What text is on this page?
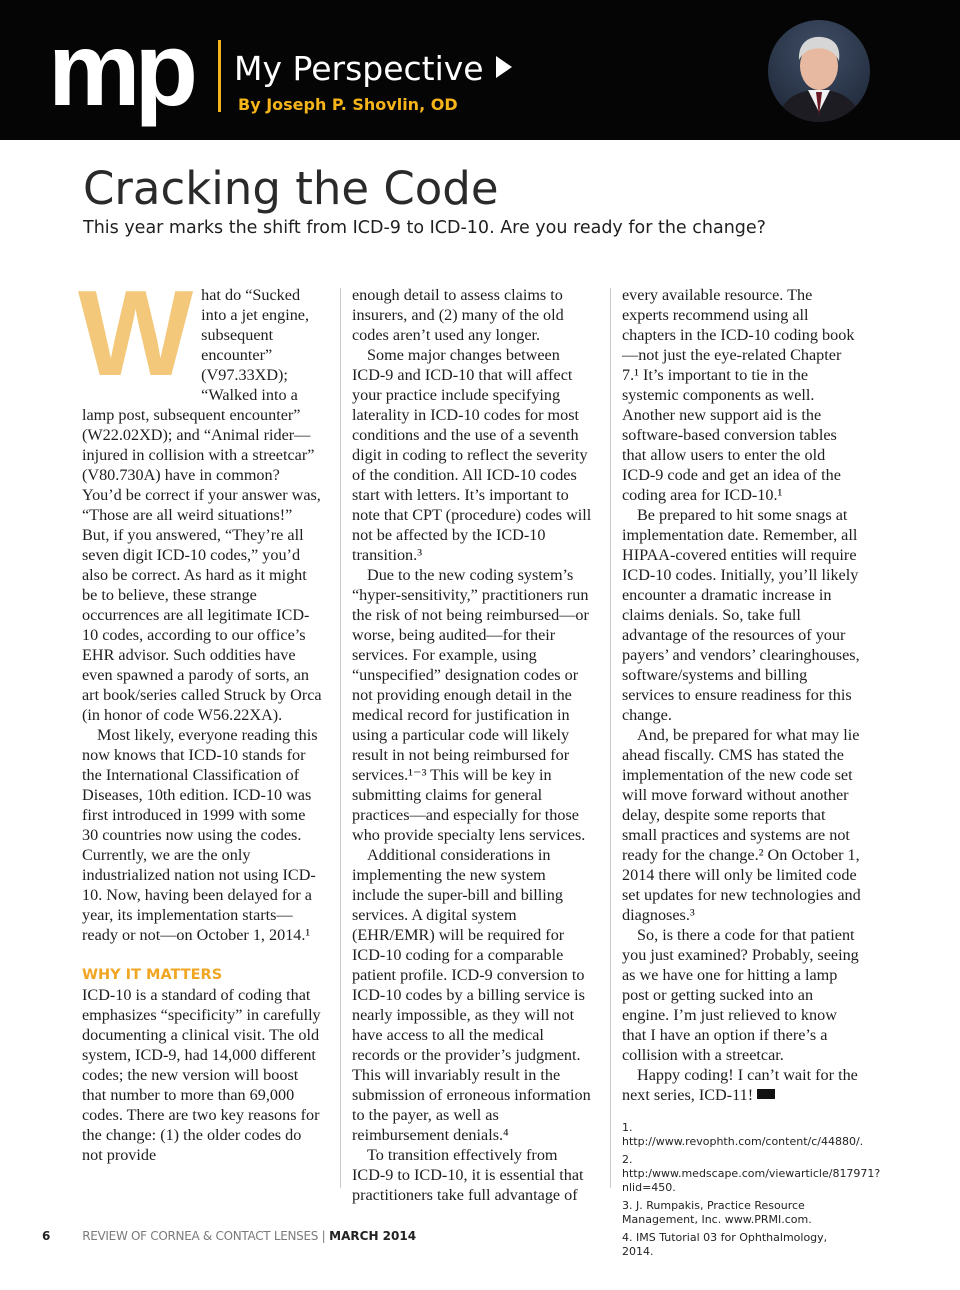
mp My Perspective
By Joseph P. Shovlin, OD
Cracking the Code
This year marks the shift from ICD-9 to ICD-10. Are you ready for the change?
W hat do “Sucked into a jet engine, subsequent encounter” (V97.33XD); “Walked into a lamp post, subsequent encounter” (W22.02XD); and “Animal rider—injured in collision with a streetcar” (V80.730A) have in common? You’d be correct if your answer was, “Those are all weird situations!” But, if you answered, “They’re all seven digit ICD-10 codes,” you’d also be correct. As hard as it might be to believe, these strange occurrences are all legitimate ICD-10 codes, according to our office’s EHR advisor. Such oddities have even spawned a parody of sorts, an art book/series called Struck by Orca (in honor of code W56.22XA).

Most likely, everyone reading this now knows that ICD-10 stands for the International Classification of Diseases, 10th edition. ICD-10 was first introduced in 1999 with some 30 countries now using the codes. Currently, we are the only industrialized nation not using ICD-10. Now, having been delayed for a year, its implementation starts—ready or not—on October 1, 2014.¹

WHY IT MATTERS

ICD-10 is a standard of coding that emphasizes “specificity” in carefully documenting a clinical visit. The old system, ICD-9, had 14,000 different codes; the new version will boost that number to more than 69,000 codes. There are two key reasons for the change: (1) the older codes do not provide

enough detail to assess claims to insurers, and (2) many of the old codes aren’t used any longer.

Some major changes between ICD-9 and ICD-10 that will affect your practice include specifying laterality in ICD-10 codes for most conditions and the use of a seventh digit in coding to reflect the severity of the condition. All ICD-10 codes start with letters. It’s important to note that CPT (procedure) codes will not be affected by the ICD-10 transition.³

Due to the new coding system’s “hyper-sensitivity,” practitioners run the risk of not being reimbursed—or worse, being audited—for their services. For example, using “unspecified” designation codes or not providing enough detail in the medical record for justification in using a particular code will likely result in not being reimbursed for services.¹⁻³ This will be key in submitting claims for general practices—and especially for those who provide specialty lens services.

Additional considerations in implementing the new system include the super-bill and billing services. A digital system (EHR/EMR) will be required for ICD-10 coding for a comparable patient profile. ICD-9 conversion to ICD-10 codes by a billing service is nearly impossible, as they will not have access to all the medical records or the provider’s judgment. This will invariably result in the submission of erroneous information to the payer, as well as reimbursement denials.⁴

To transition effectively from ICD-9 to ICD-10, it is essential that practitioners take full advantage of

every available resource. The experts recommend using all chapters in the ICD-10 coding book—not just the eye-related Chapter 7.¹ It’s important to tie in the systemic components as well. Another new support aid is the software-based conversion tables that allow users to enter the old ICD-9 code and get an idea of the coding area for ICD-10.¹

Be prepared to hit some snags at implementation date. Remember, all HIPAA-covered entities will require ICD-10 codes. Initially, you’ll likely encounter a dramatic increase in claims denials. So, take full advantage of the resources of your payers’ and vendors’ clearinghouses, software/systems and billing services to ensure readiness for this change.

And, be prepared for what may lie ahead fiscally. CMS has stated the implementation of the new code set will move forward without another delay, despite some reports that small practices and systems are not ready for the change.² On October 1, 2014 there will only be limited code set updates for new technologies and diagnoses.³

So, is there a code for that patient you just examined? Probably, seeing as we have one for hitting a lamp post or getting sucked into an engine. I’m just relieved to know that I have an option if there’s a collision with a streetcar.

Happy coding! I can’t wait for the next series, ICD-11!

1. http://www.revophth.com/content/c/44880/.
2. http:/www.medscape.com/viewarticle/817971?nlid=450.
3. J. Rumpakis, Practice Resource Management, Inc. www.PRMI.com.
4. IMS Tutorial 03 for Ophthalmology, 2014.
6	REVIEW OF CORNEA & CONTACT LENSES | MARCH 2014
